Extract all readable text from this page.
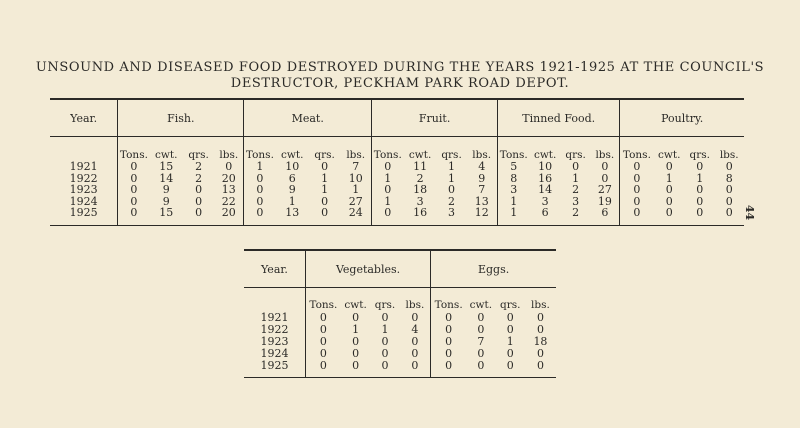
UNSOUND AND DISEASED FOOD DESTROYED DURING THE YEARS 1921-1925 AT THE COUNCIL'S
DESTRUCTOR, PECKHAM PARK ROAD DEPOT.
Year.	Fish.				Meat.				Fruit.				Tinned Food.				Poultry.			
	Tons.	cwt.	qrs.	lbs.	Tons.	cwt.	qrs.	lbs.	Tons.	cwt.	qrs.	lbs.	Tons.	cwt.	qrs.	lbs.	Tons.	cwt.	qrs.	lbs.
1921	0	15	2	0	1	10	0	7	0	11	1	4	5	10	0	0	0	0	0	0
1922	0	14	2	20	0	6	1	10	1	2	1	9	8	16	1	0	0	1	1	8
1923	0	9	0	13	0	9	1	1	0	18	0	7	3	14	2	27	0	0	0	0
1924	0	9	0	22	0	1	0	27	1	3	2	13	1	3	3	19	0	0	0	0
1925	0	15	0	20	0	13	0	24	0	16	3	12	1	6	2	6	0	0	0	0 44
Year.	Vegetables.				Eggs.			
	Tons.	cwt.	qrs.	lbs.	Tons.	cwt.	qrs.	lbs.
1921	0	0	0	0	0	0	0	0
1922	0	1	1	4	0	0	0	0
1923	0	0	0	0	0	7	1	18
1924	0	0	0	0	0	0	0	0
1925	0	0	0	0	0	0	0	0
